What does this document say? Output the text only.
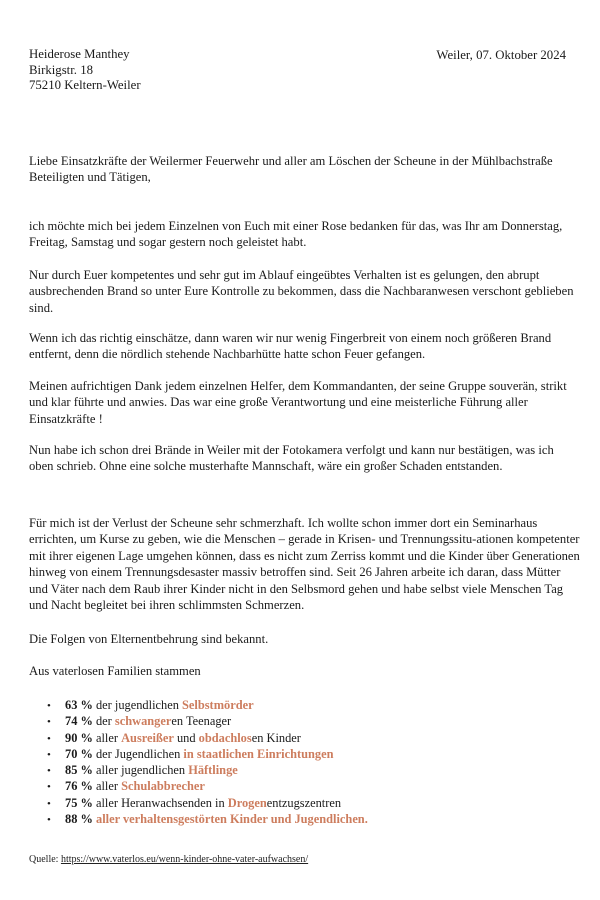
Heiderose Manthey
Birkigstr. 18
75210 Keltern-Weiler
Weiler, 07. Oktober 2024

Liebe Einsatzkräfte der Weilermer Feuerwehr und aller am Löschen der Scheune in der Mühlbachstraße Beteiligten und Tätigen,

ich möchte mich bei jedem Einzelnen von Euch mit einer Rose bedanken für das, was Ihr am Donnerstag, Freitag, Samstag und sogar gestern noch geleistet habt.

Nur durch Euer kompetentes und sehr gut im Ablauf eingeübtes Verhalten ist es gelungen, den abrupt ausbrechenden Brand so unter Eure Kontrolle zu bekommen, dass die Nachbaranwesen verschont geblieben sind.

Wenn ich das richtig einschätze, dann waren wir nur wenig Fingerbreit von einem noch größeren Brand entfernt, denn die nördlich stehende Nachbarhütte hatte schon Feuer gefangen.

Meinen aufrichtigen Dank jedem einzelnen Helfer, dem Kommandanten, der seine Gruppe souverän, strikt und klar führte und anwies. Das war eine große Verantwortung und eine meisterliche Führung aller Einsatzkräfte !

Nun habe ich schon drei Brände in Weiler mit der Fotokamera verfolgt und kann nur bestätigen, was ich oben schrieb. Ohne eine solche musterhafte Mannschaft, wäre ein großer Schaden entstanden.

Für mich ist der Verlust der Scheune sehr schmerzhaft. Ich wollte schon immer dort ein Seminarhaus errichten, um Kurse zu geben, wie die Menschen – gerade in Krisen- und Trennungssitu-ationen kompetenter mit ihrer eigenen Lage umgehen können, dass es nicht zum Zerriss kommt und die Kinder über Generationen hinweg von einem Trennungsdesaster massiv betroffen sind. Seit 26 Jahren arbeite ich daran, dass Mütter und Väter nach dem Raub ihrer Kinder nicht in den Selbsmord gehen und habe selbst viele Menschen Tag und Nacht begleitet bei ihren schlimmsten Schmerzen.

Die Folgen von Elternentbehrung sind bekannt.

Aus vaterlosen Familien stammen

• 63 % der jugendlichen Selbstmörder
• 74 % der schwangeren Teenager
• 90 % aller Ausreißer und obdachlosen Kinder
• 70 % der Jugendlichen in staatlichen Einrichtungen
• 85 % aller jugendlichen Häftlinge
• 76 % aller Schulabbrecher
• 75 % aller Heranwachsenden in Drogenentzugszentren
• 88 % aller verhaltensgestörten Kinder und Jugendlichen.
Quelle: https://www.vaterlos.eu/wenn-kinder-ohne-vater-aufwachsen/
